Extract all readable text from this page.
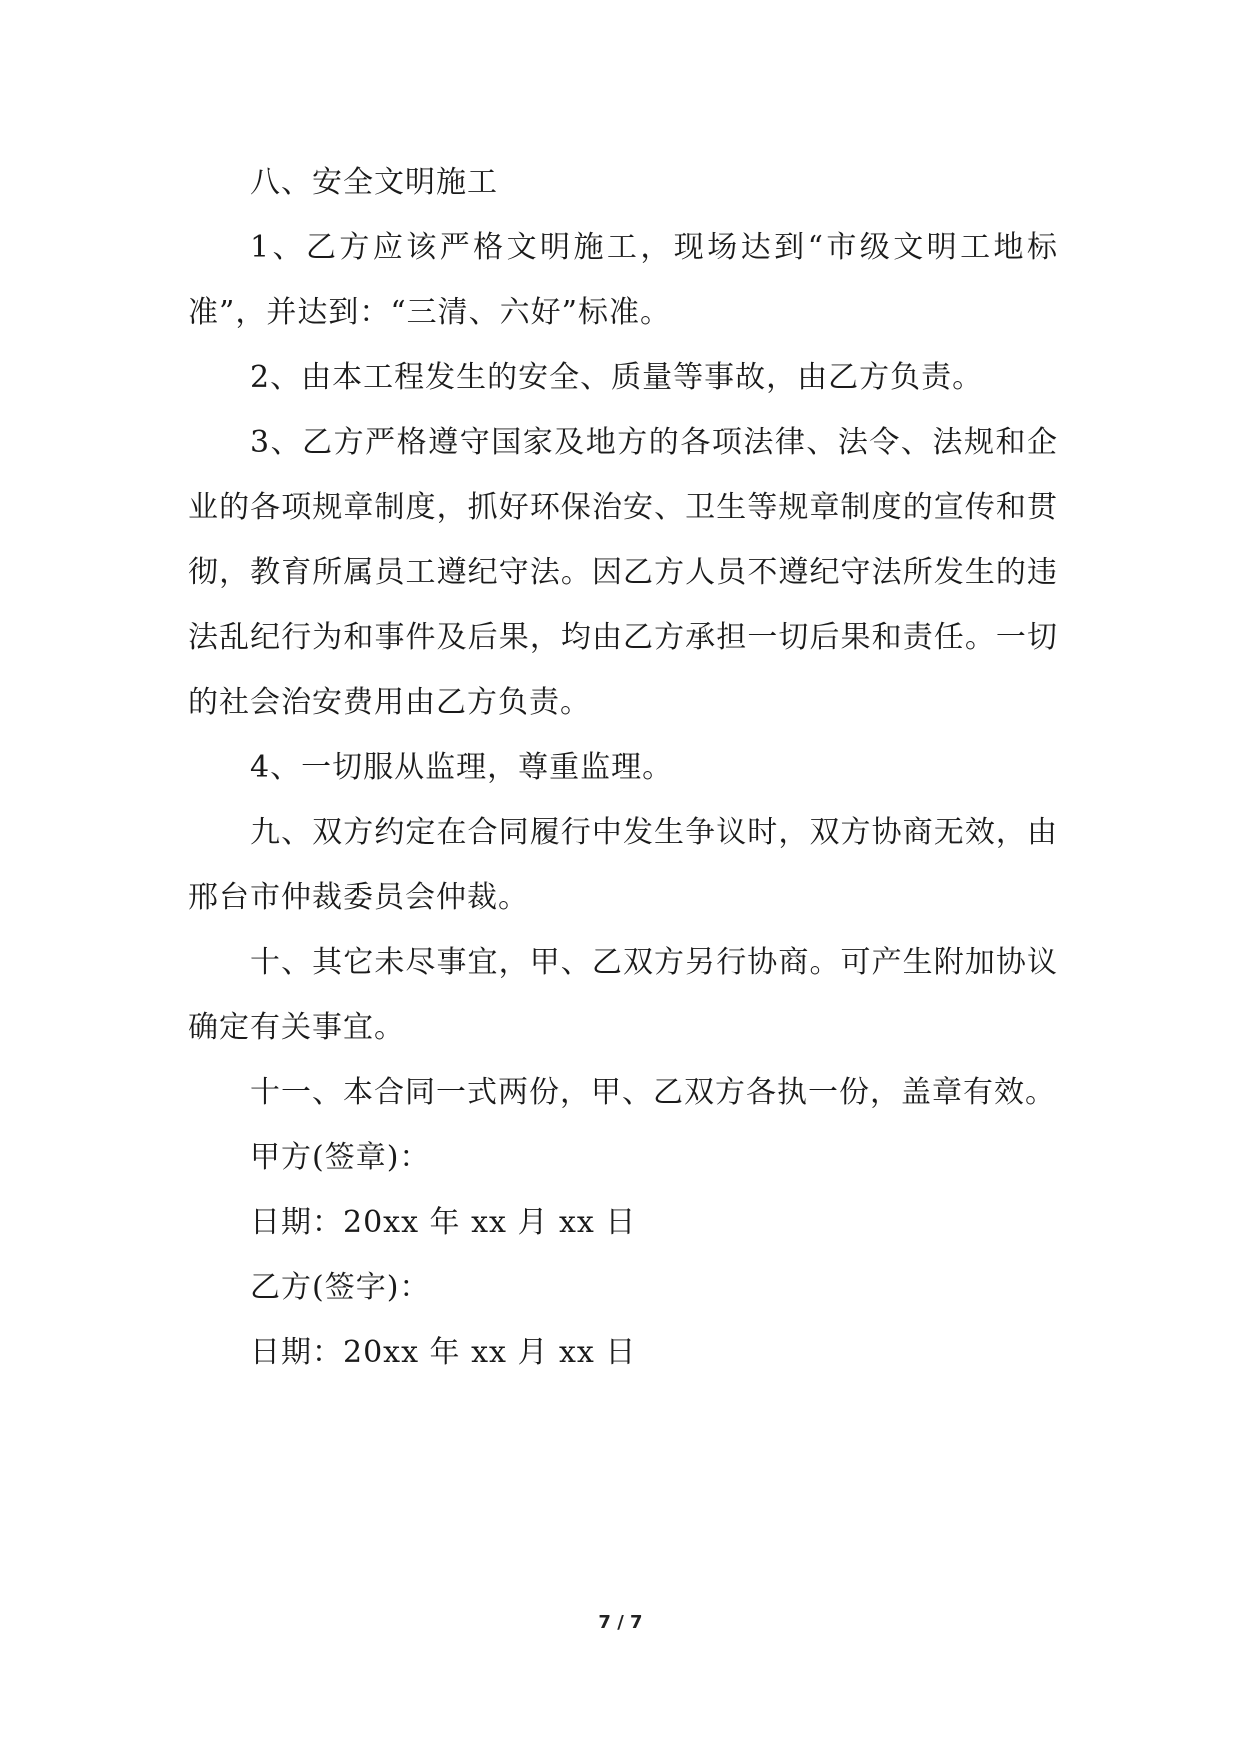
八、安全文明施工

1、乙方应该严格文明施工，现场达到“市级文明工地标准”，并达到：“三清、六好”标准。

2、由本工程发生的安全、质量等事故，由乙方负责。

3、乙方严格遵守国家及地方的各项法律、法令、法规和企业的各项规章制度，抓好环保治安、卫生等规章制度的宣传和贯彻，教育所属员工遵纪守法。因乙方人员不遵纪守法所发生的违法乱纪行为和事件及后果，均由乙方承担一切后果和责任。一切的社会治安费用由乙方负责。

4、一切服从监理，尊重监理。

九、双方约定在合同履行中发生争议时，双方协商无效，由邢台市仲裁委员会仲裁。

十、其它未尽事宜，甲、乙双方另行协商。可产生附加协议确定有关事宜。

十一、本合同一式两份，甲、乙双方各执一份，盖章有效。

甲方(签章)：

日期：20xx 年 xx 月 xx 日

乙方(签字)：

日期：20xx 年 xx 月 xx 日

7 / 7
